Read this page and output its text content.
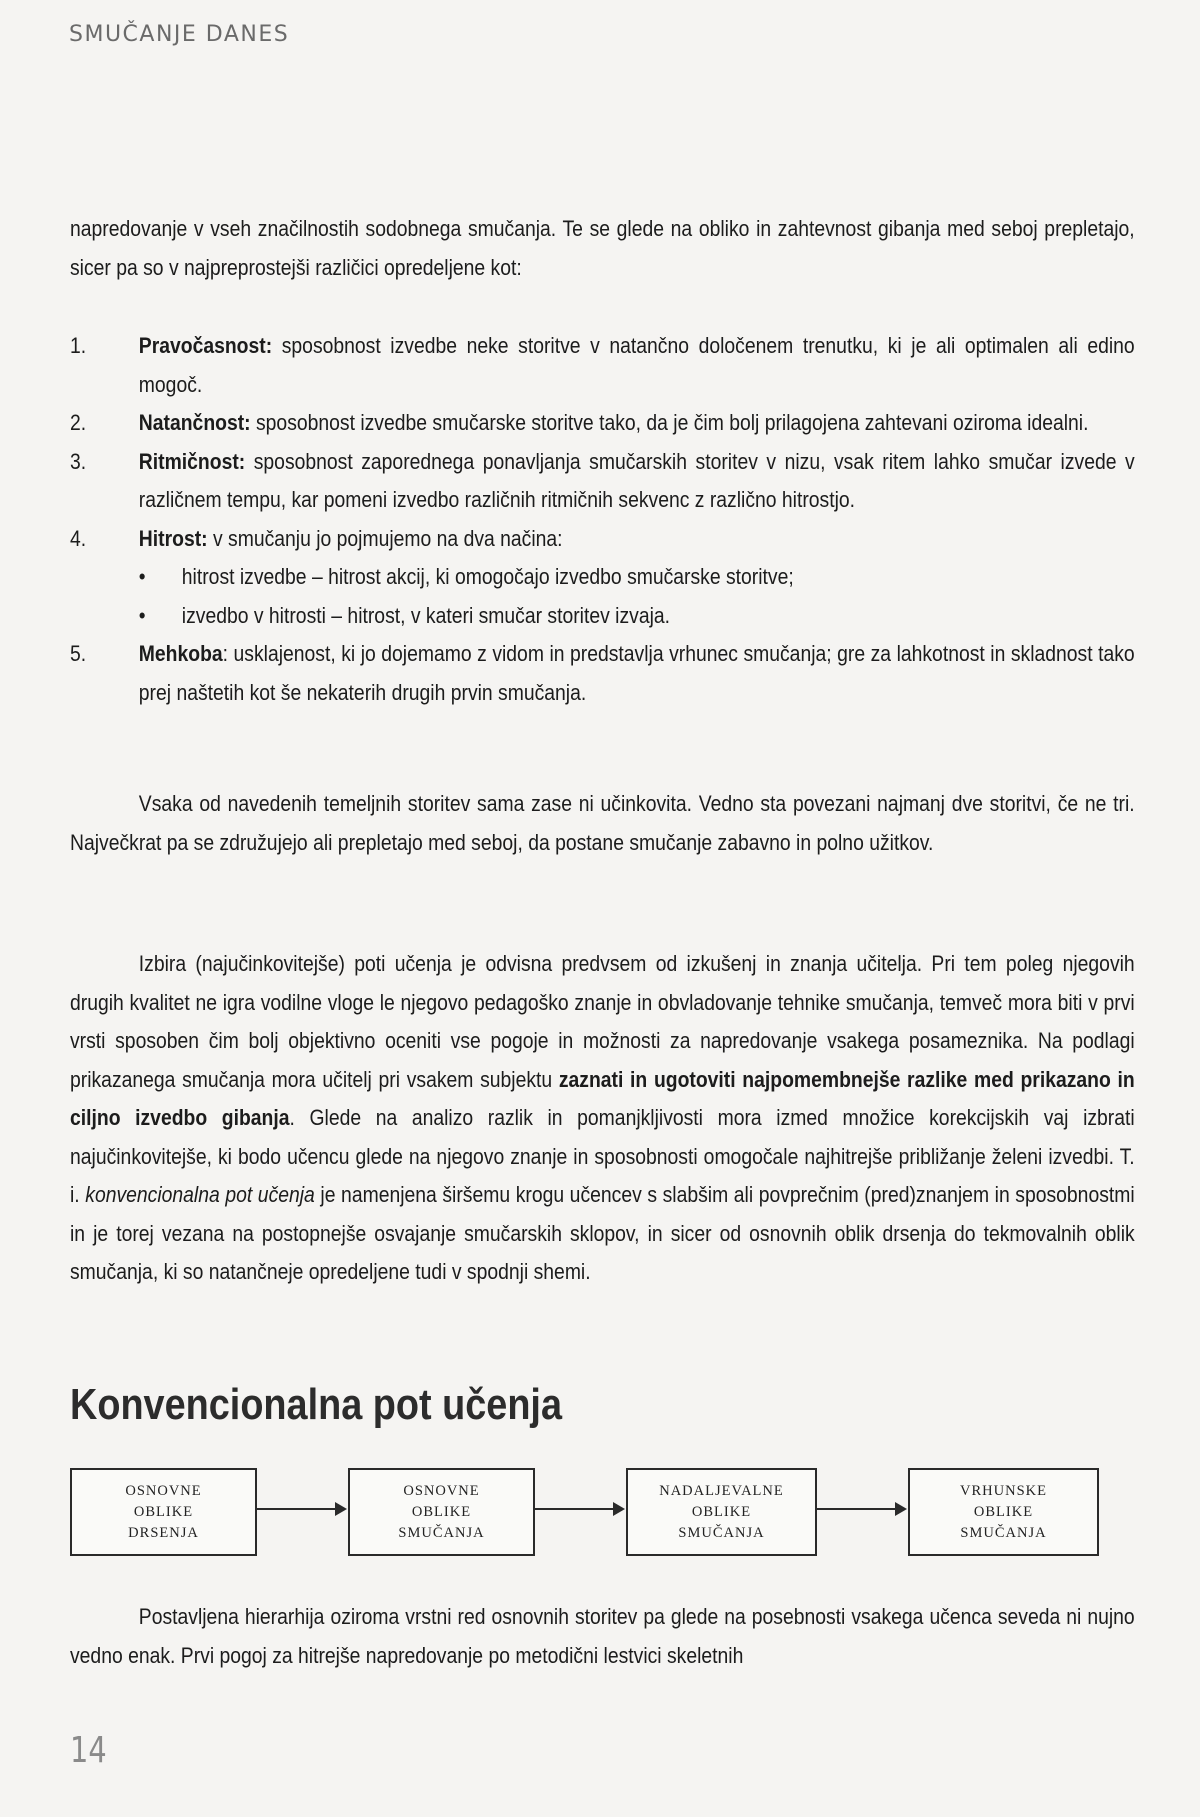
SMUČANJE DANES
napredovanje v vseh značilnostih sodobnega smučanja. Te se glede na obliko in zahtevnost gibanja med seboj prepletajo, sicer pa so v najpreprostejši različici opredeljene kot:
1. Pravočasnost: sposobnost izvedbe neke storitve v natančno določenem trenutku, ki je ali optimalen ali edino mogoč.
2. Natančnost: sposobnost izvedbe smučarske storitve tako, da je čim bolj prilagojena zahtevani oziroma idealni.
3. Ritmičnost: sposobnost zaporednega ponavljanja smučarskih storitev v nizu, vsak ritem lahko smučar izvede v različnem tempu, kar pomeni izvedbo različnih ritmičnih sekvenc z različno hitrostjo.
4. Hitrost: v smučanju jo pojmujemo na dva načina:
• hitrost izvedbe – hitrost akcij, ki omogočajo izvedbo smučarske storitve;
• izvedbo v hitrosti – hitrost, v kateri smučar storitev izvaja.
5. Mehkoba: usklajenost, ki jo dojemamo z vidom in predstavlja vrhunec smučanja; gre za lahkotnost in skladnost tako prej naštetih kot še nekaterih drugih prvin smučanja.
Vsaka od navedenih temeljnih storitev sama zase ni učinkovita. Vedno sta povezani najmanj dve storitvi, če ne tri. Največkrat pa se združujejo ali prepletajo med seboj, da postane smučanje zabavno in polno užitkov.
Izbira (najučinkovitejše) poti učenja je odvisna predvsem od izkušenj in znanja učitelja. Pri tem poleg njegovih drugih kvalitet ne igra vodilne vloge le njegovo pedagoško znanje in obvladovanje tehnike smučanja, temveč mora biti v prvi vrsti sposoben čim bolj objektivno oceniti vse pogoje in možnosti za napredovanje vsakega posameznika. Na podlagi prikazanega smučanja mora učitelj pri vsakem subjektu zaznati in ugotoviti najpomembnejše razlike med prikazano in ciljno izvedbo gibanja. Glede na analizo razlik in pomanjkljivosti mora izmed množice korekcijskih vaj izbrati najučinkovitejše, ki bodo učencu glede na njegovo znanje in sposobnosti omogočale najhitrejše približanje želeni izvedbi. T. i. konvencionalna pot učenja je namenjena širšemu krogu učencev s slabšim ali povprečnim (pred)znanjem in sposobnostmi in je torej vezana na postopnejše osvajanje smučarskih sklopov, in sicer od osnovnih oblik drsenja do tekmovalnih oblik smučanja, ki so natančneje opredeljene tudi v spodnji shemi.
Konvencionalna pot učenja
OSNOVNE
OBLIKE
DRSENJA
OSNOVNE
OBLIKE
SMUČANJA
NADALJEVALNE
OBLIKE
SMUČANJA
VRHUNSKE
OBLIKE
SMUČANJA
Postavljena hierarhija oziroma vrstni red osnovnih storitev pa glede na posebnosti vsakega učenca seveda ni nujno vedno enak. Prvi pogoj za hitrejše napredovanje po metodični lestvici skeletnih
14
